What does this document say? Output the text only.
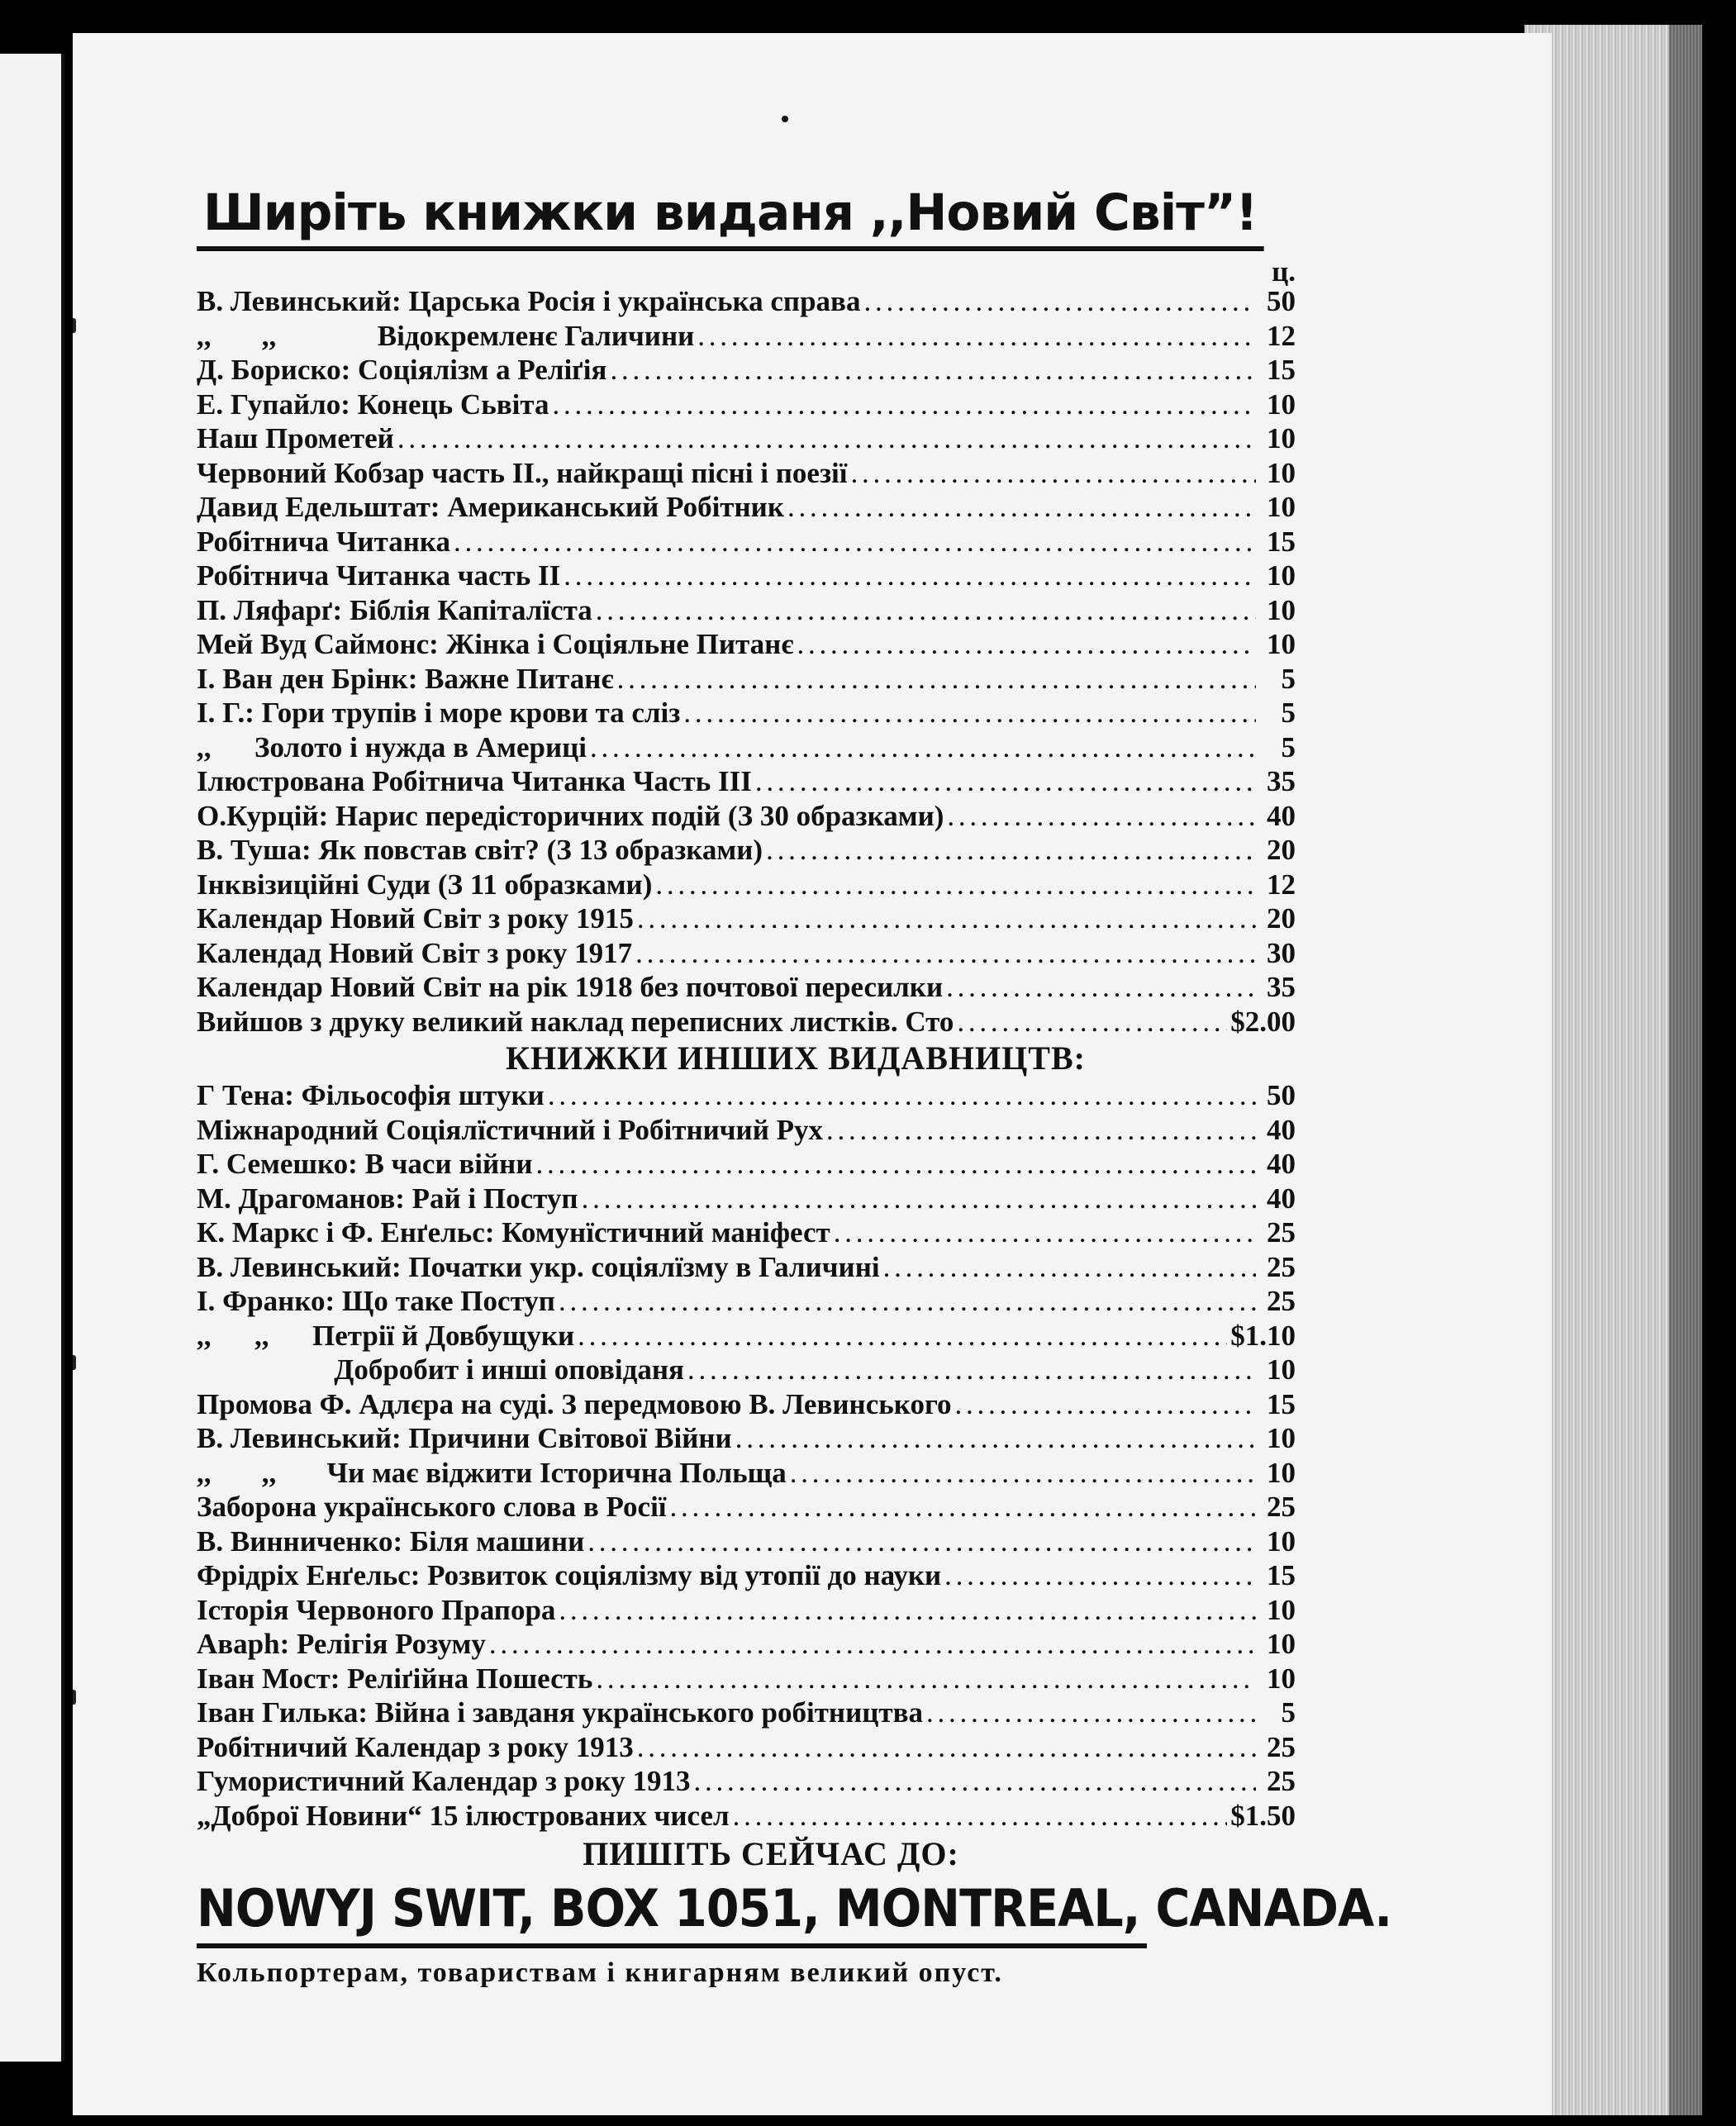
Ширіть книжки виданя ,,Новий Світ”!
ц.
В. Левинський: Царська Росія і українська справа . . .	50
,,       ,,              Відокремленє Галичини . . .	12
Д. Бориско: Соціялізм а Реліґія . . .	15
Е. Гупайло: Конець Сьвіта . . .	10
Наш Прометей . . .	10
Червоний Кобзар часть II., найкращі пісні і поезії . . .	10
Давид Едельштат: Американський Робітник . . .	10
Робітнича Читанка . . .	15
Робітнича Читанка часть II . . .	10
П. Ляфарґ: Біблія Капіталїста . . .	10
Мей Вуд Саймонс: Жінка і Соціяльне Питанє . . .	10
І. Ван ден Брінк: Важне Питанє . . .	5
І. Г.: Гори трупів і море крови та сліз . . .	5
,,      Золото і нужда в Америці . . .	5
Ілюстрована Робітнича Читанка Часть III . . .	35
О.Курцій: Нарис передісторичних подій (З 30 образками) . . .	40
В. Туша: Як повстав світ? (З 13 образками) . . .	20
Інквізиційні Суди (З 11 образками) . . .	12
Календар Новий Світ з року 1915 . . .	20
Календад Новий Світ з року 1917 . . .	30
Календар Новий Світ на рік 1918 без почтової пересилки . . .	35
Вийшов з друку великий наклад переписних листків. Сто . . .	$2.00
КНИЖКИ ИНШИХ ВИДАВНИЦТВ:
Г Тена: Фільософія штуки . . .	50
Міжнародний Соціялїстичний і Робітничий Рух . . .	40
Г. Семешко: В часи війни . . .	40
М. Драгоманов: Рай і Поступ . . .	40
К. Маркс і Ф. Енґельс: Комунїстичний маніфест . . .	25
В. Левинський: Початки укр. соціялїзму в Галичині . . .	25
І. Франко: Що таке Поступ . . .	25
,,      ,,      Петрії й Довбущуки . . .	$1.10
Добробит і инші оповіданя . . .	10
Промова Ф. Адлєра на суді. З передмовою В. Левинського . . .	15
В. Левинський: Причини Світової Війни . . .	10
,,       ,,       Чи має віджити Історична Польща . . .	10
Заборона українського слова в Росії . . .	25
В. Винниченко: Біля машини . . .	10
Фрідріх Енґельс: Розвиток соціялізму від утопії до науки . . .	15
Історія Червоного Прапора . . .	10
Аварh: Релігія Розуму . . .	10
Іван Мост: Реліґійна Пошесть . . .	10
Іван Гилька: Війна і завданя українського робітництва . . .	5
Робітничий Календар з року 1913 . . .	25
Гумористичний Календар з року 1913 . . .	25
„Доброї Новини“ 15 ілюстрованих чисел . . .	$1.50
ПИШІТЬ СЕЙЧАС ДО:
NOWYJ SWIT, BOX 1051, MONTREAL, CANADA.
Кольпортерам, товариствам і книгарням великий опуст.
